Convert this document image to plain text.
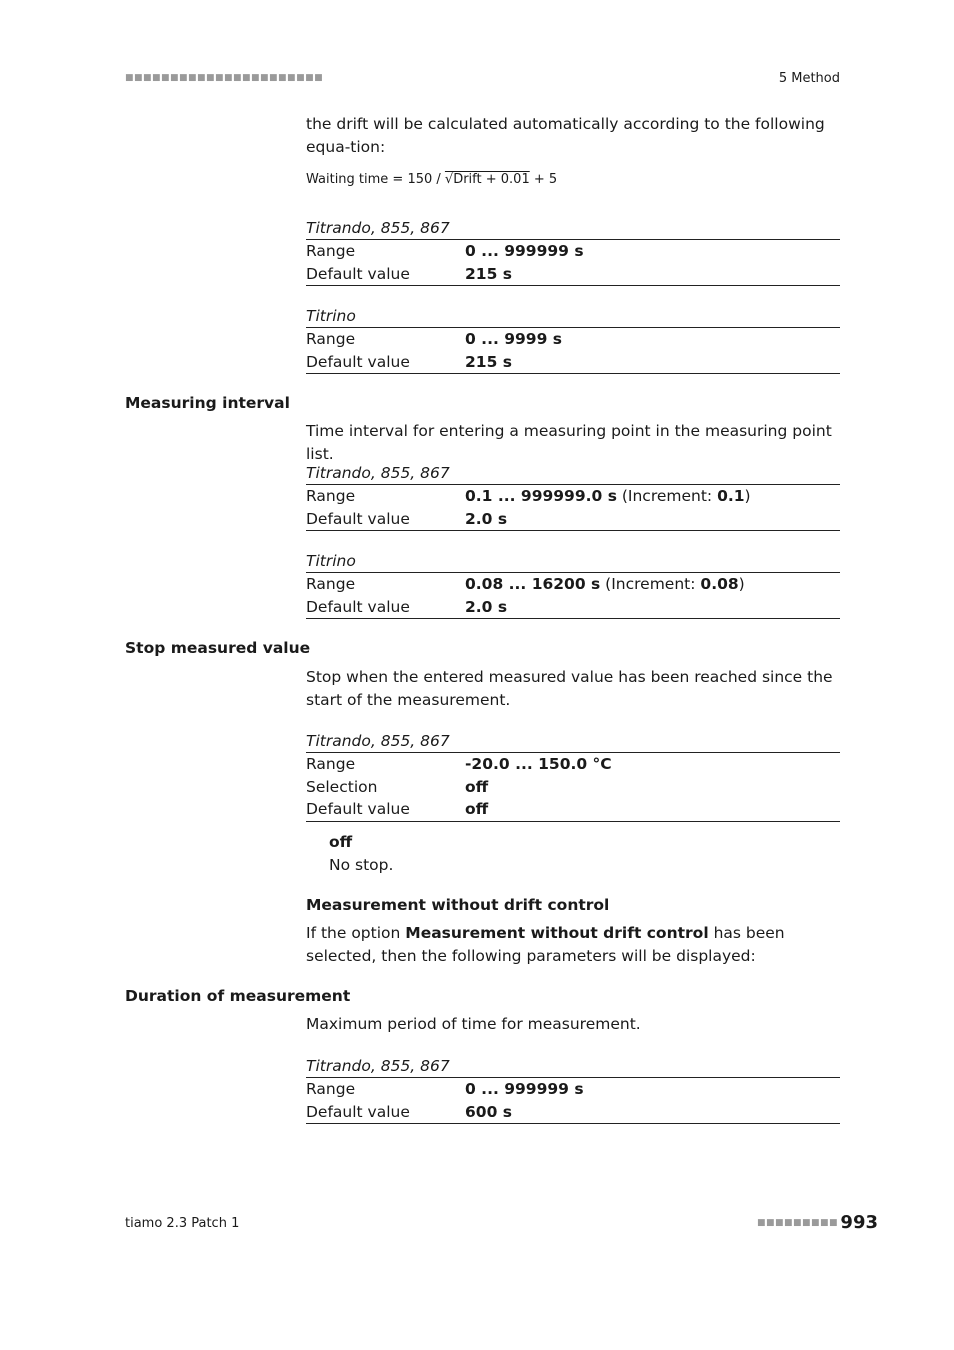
■■■■■■■■■■■■■■■■■■■■■■	5 Method
the drift will be calculated automatically according to the following equa-tion:
Waiting time = 150 / √Drift + 0.01 + 5
Titrando, 855, 867
Range	0 ... 999999 s
Default value	215 s
Titrino
Range	0 ... 9999 s
Default value	215 s
Measuring interval
Time interval for entering a measuring point in the measuring point list.
Titrando, 855, 867
Range	0.1 ... 999999.0 s (Increment: 0.1)
Default value	2.0 s
Titrino
Range	0.08 ... 16200 s (Increment: 0.08)
Default value	2.0 s
Stop measured value
Stop when the entered measured value has been reached since the start of the measurement.
Titrando, 855, 867
Range	-20.0 ... 150.0 °C
Selection	off
Default value	off
off
No stop.
Measurement without drift control
If the option Measurement without drift control has been selected, then the following parameters will be displayed:
Duration of measurement
Maximum period of time for measurement.
Titrando, 855, 867
Range	0 ... 999999 s
Default value	600 s
tiamo 2.3 Patch 1	■■■■■■■■■ 993
